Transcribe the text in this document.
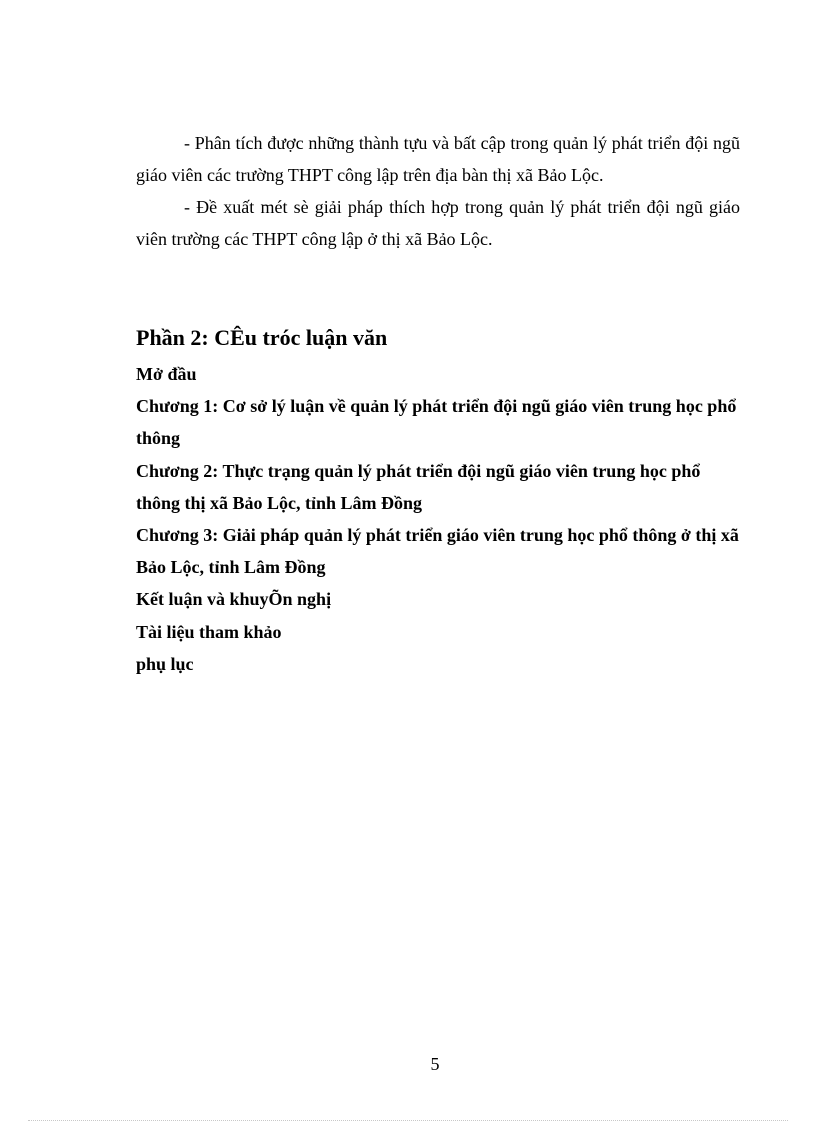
- Phân tích được những thành tựu và bất cập trong quản lý phát triển đội ngũ giáo viên các trường THPT công lập trên địa bàn thị xã Bảo Lộc.

- Đề xuất mét sè giải pháp thích hợp trong quản lý phát triển đội ngũ giáo viên trường các THPT công lập ở thị xã Bảo Lộc.

Phần 2: CÊu tróc luận văn
Mở đầu
Chương 1: Cơ sở lý luận về quản lý phát triển đội ngũ giáo viên trung học phổ thông
Chương 2: Thực trạng quản lý phát triển đội ngũ giáo viên trung học phổ thông thị xã Bảo Lộc, tỉnh Lâm Đồng
Chương 3: Giải pháp quản lý phát triển giáo viên trung học phổ thông ở thị xã Bảo Lộc, tỉnh Lâm Đồng
Kết luận và khuyÕn nghị
Tài liệu tham khảo
phụ lục
5
